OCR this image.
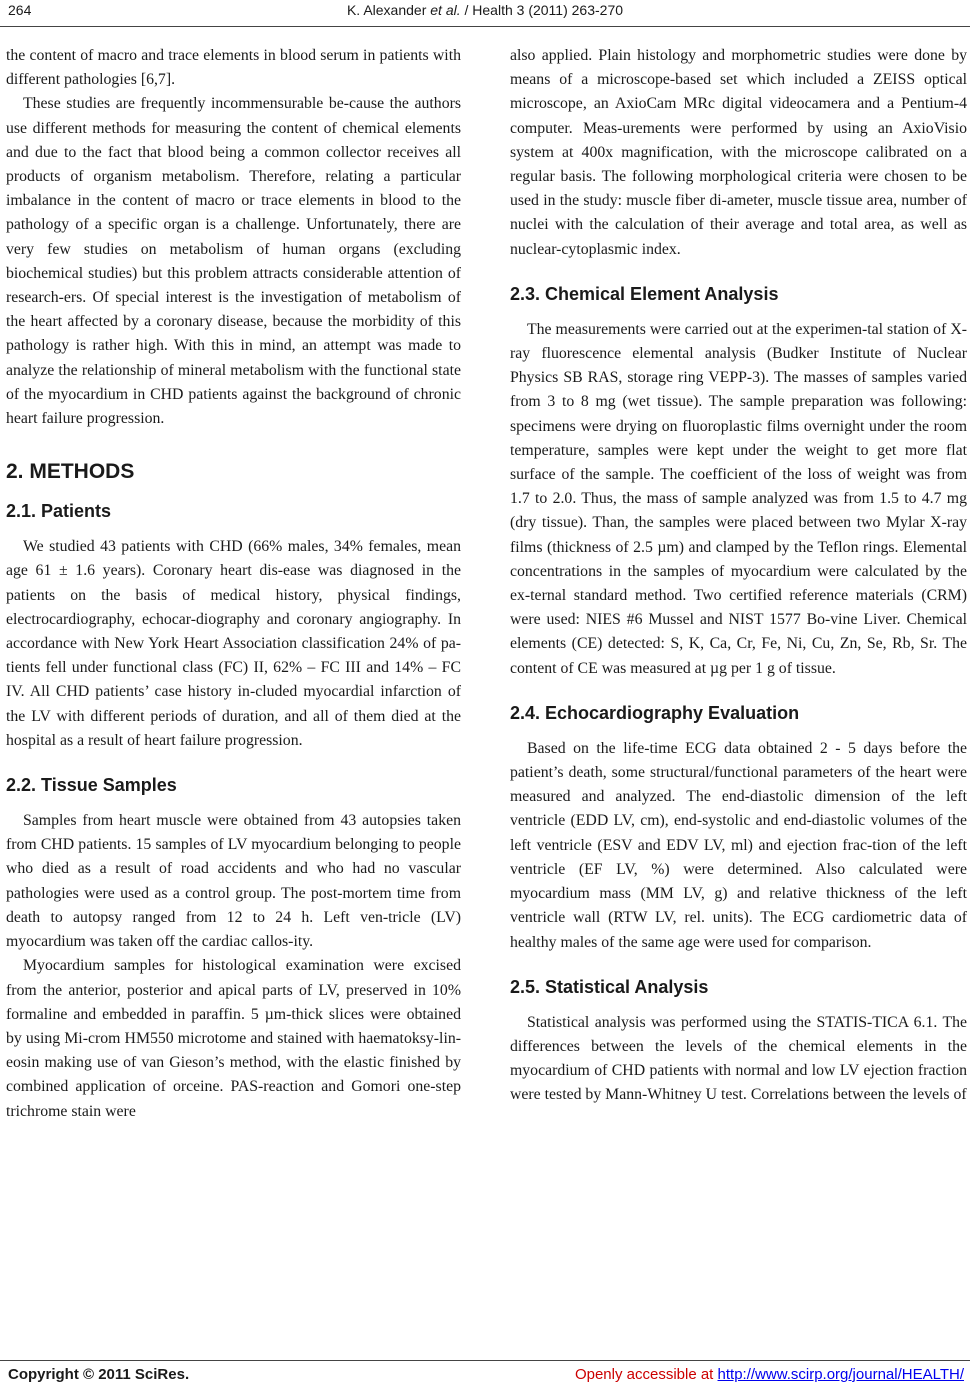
264	K. Alexander et al. / Health 3 (2011) 263-270

the content of macro and trace elements in blood serum in patients with different pathologies [6,7].

These studies are frequently incommensurable be-cause the authors use different methods for measuring the content of chemical elements and due to the fact that blood being a common collector receives all products of organism metabolism. Therefore, relating a particular imbalance in the content of macro or trace elements in blood to the pathology of a specific organ is a challenge. Unfortunately, there are very few studies on metabolism of human organs (excluding biochemical studies) but this problem attracts considerable attention of research-ers. Of special interest is the investigation of metabolism of the heart affected by a coronary disease, because the morbidity of this pathology is rather high. With this in mind, an attempt was made to analyze the relationship of mineral metabolism with the functional state of the myocardium in CHD patients against the background of chronic heart failure progression.

2. METHODS
2.1. Patients

We studied 43 patients with CHD (66% males, 34% females, mean age 61 ± 1.6 years). Coronary heart dis-ease was diagnosed in the patients on the basis of medical history, physical findings, electrocardiography, echocar-diography and coronary angiography. In accordance with New York Heart Association classification 24% of pa-tients fell under functional class (FC) II, 62% – FC III and 14% – FC IV. All CHD patients’ case history in-cluded myocardial infarction of the LV with different periods of duration, and all of them died at the hospital as a result of heart failure progression.

2.2. Tissue Samples

Samples from heart muscle were obtained from 43 autopsies taken from CHD patients. 15 samples of LV myocardium belonging to people who died as a result of road accidents and who had no vascular pathologies were used as a control group. The post-mortem time from death to autopsy ranged from 12 to 24 h. Left ven-tricle (LV) myocardium was taken off the cardiac callos-ity.

Myocardium samples for histological examination were excised from the anterior, posterior and apical parts of LV, preserved in 10% formaline and embedded in paraffin. 5 µm-thick slices were obtained by using Mi-crom HM550 microtome and stained with haematoksy-lin-eosin making use of van Gieson’s method, with the elastic finished by combined application of orceine. PAS-reaction and Gomori one-step trichrome stain were

also applied. Plain histology and morphometric studies were done by means of a microscope-based set which included a ZEISS optical microscope, an AxioCam MRc digital videocamera and a Pentium-4 computer. Meas-urements were performed by using an AxioVisio system at 400x magnification, with the microscope calibrated on a regular basis. The following morphological criteria were chosen to be used in the study: muscle fiber di-ameter, muscle tissue area, number of nuclei with the calculation of their average and total area, as well as nuclear-cytoplasmic index.

2.3. Chemical Element Analysis

The measurements were carried out at the experimen-tal station of X-ray fluorescence elemental analysis (Budker Institute of Nuclear Physics SB RAS, storage ring VEPP-3). The masses of samples varied from 3 to 8 mg (wet tissue). The sample preparation was following: specimens were drying on fluoroplastic films overnight under the room temperature, samples were kept under the weight to get more flat surface of the sample. The coefficient of the loss of weight was from 1.7 to 2.0. Thus, the mass of sample analyzed was from 1.5 to 4.7 mg (dry tissue). Than, the samples were placed between two Mylar X-ray films (thickness of 2.5 µm) and clamped by the Teflon rings. Elemental concentrations in the samples of myocardium were calculated by the ex-ternal standard method. Two certified reference materials (CRM) were used: NIES #6 Mussel and NIST 1577 Bo-vine Liver. Chemical elements (CE) detected: S, K, Ca, Cr, Fe, Ni, Cu, Zn, Se, Rb, Sr. The content of CE was measured at µg per 1 g of tissue.

2.4. Echocardiography Evaluation

Based on the life-time ECG data obtained 2 - 5 days before the patient’s death, some structural/functional parameters of the heart were measured and analyzed. The end-diastolic dimension of the left ventricle (EDD LV, cm), end-systolic and end-diastolic volumes of the left ventricle (ESV and EDV LV, ml) and ejection frac-tion of the left ventricle (EF LV, %) were determined. Also calculated were myocardium mass (MM LV, g) and relative thickness of the left ventricle wall (RTW LV, rel. units). The ECG cardiometric data of healthy males of the same age were used for comparison.

2.5. Statistical Analysis

Statistical analysis was performed using the STATIS-TICA 6.1. The differences between the levels of the chemical elements in the myocardium of CHD patients with normal and low LV ejection fraction were tested by Mann-Whitney U test. Correlations between the levels of

Copyright © 2011 SciRes.	Openly accessible at http://www.scirp.org/journal/HEALTH/
